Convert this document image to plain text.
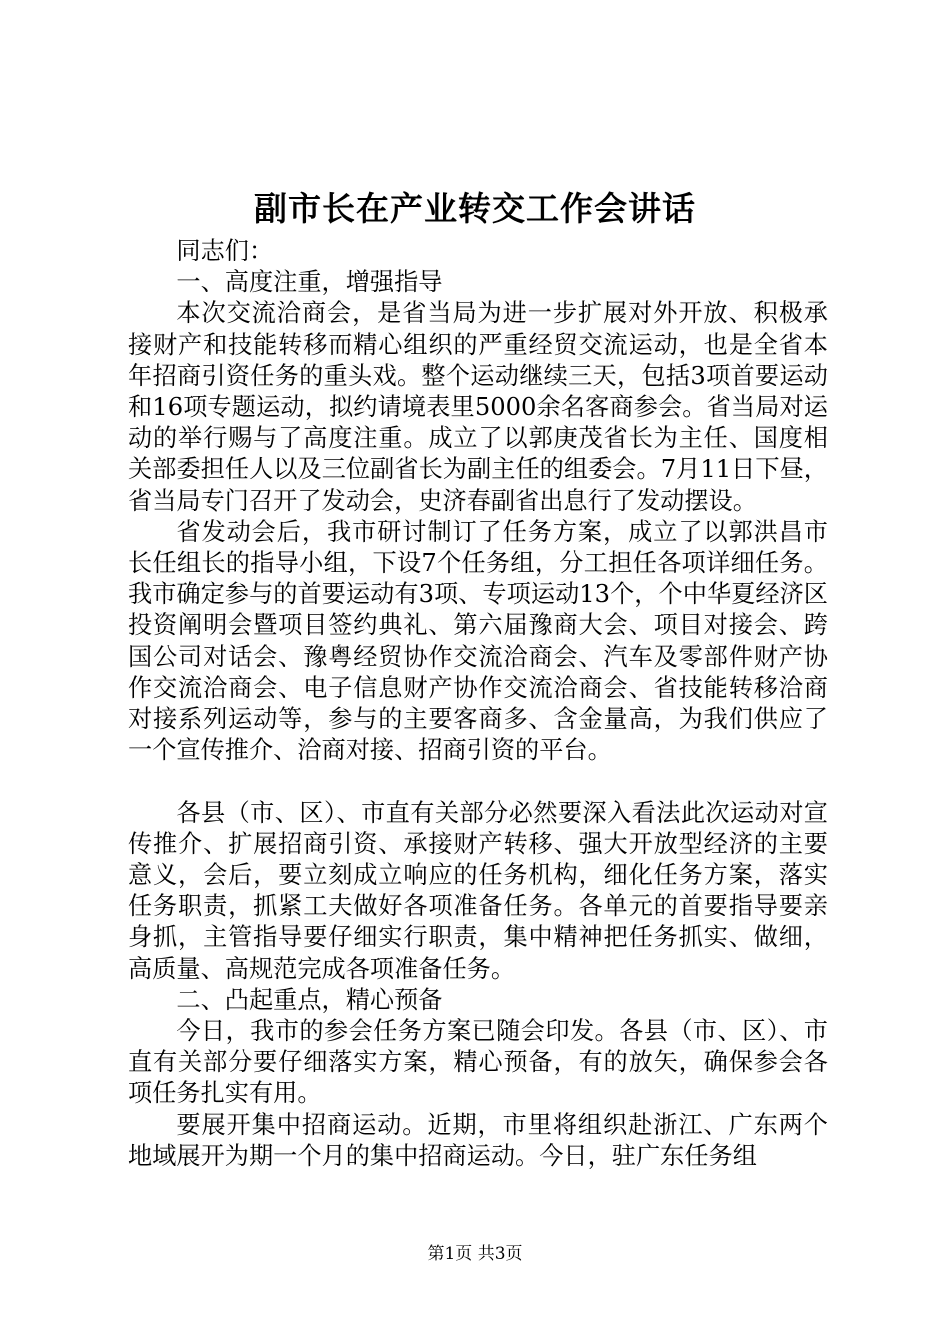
副市长在产业转交工作会讲话

同志们：

一、高度注重，增强指导

本次交流洽商会，是省当局为进一步扩展对外开放、积极承接财产和技能转移而精心组织的严重经贸交流运动，也是全省本年招商引资任务的重头戏。整个运动继续三天，包括3项首要运动和16项专题运动，拟约请境表里5000余名客商参会。省当局对运动的举行赐与了高度注重。成立了以郭庚茂省长为主任、国度相关部委担任人以及三位副省长为副主任的组委会。7月11日下昼，省当局专门召开了发动会，史济春副省出息行了发动摆设。

省发动会后，我市研讨制订了任务方案，成立了以郭洪昌市长任组长的指导小组，下设7个任务组，分工担任各项详细任务。我市确定参与的首要运动有3项、专项运动13个，个中华夏经济区投资阐明会暨项目签约典礼、第六届豫商大会、项目对接会、跨国公司对话会、豫粤经贸协作交流洽商会、汽车及零部件财产协作交流洽商会、电子信息财产协作交流洽商会、省技能转移洽商对接系列运动等，参与的主要客商多、含金量高，为我们供应了一个宣传推介、洽商对接、招商引资的平台。

各县（市、区）、市直有关部分必然要深入看法此次运动对宣传推介、扩展招商引资、承接财产转移、强大开放型经济的主要意义，会后，要立刻成立响应的任务机构，细化任务方案，落实任务职责，抓紧工夫做好各项准备任务。各单元的首要指导要亲身抓，主管指导要仔细实行职责，集中精神把任务抓实、做细，高质量、高规范完成各项准备任务。

二、凸起重点，精心预备

今日，我市的参会任务方案已随会印发。各县（市、区）、市直有关部分要仔细落实方案，精心预备，有的放矢，确保参会各项任务扎实有用。

要展开集中招商运动。近期，市里将组织赴浙江、广东两个地域展开为期一个月的集中招商运动。今日，驻广东任务组

第1页 共3页
